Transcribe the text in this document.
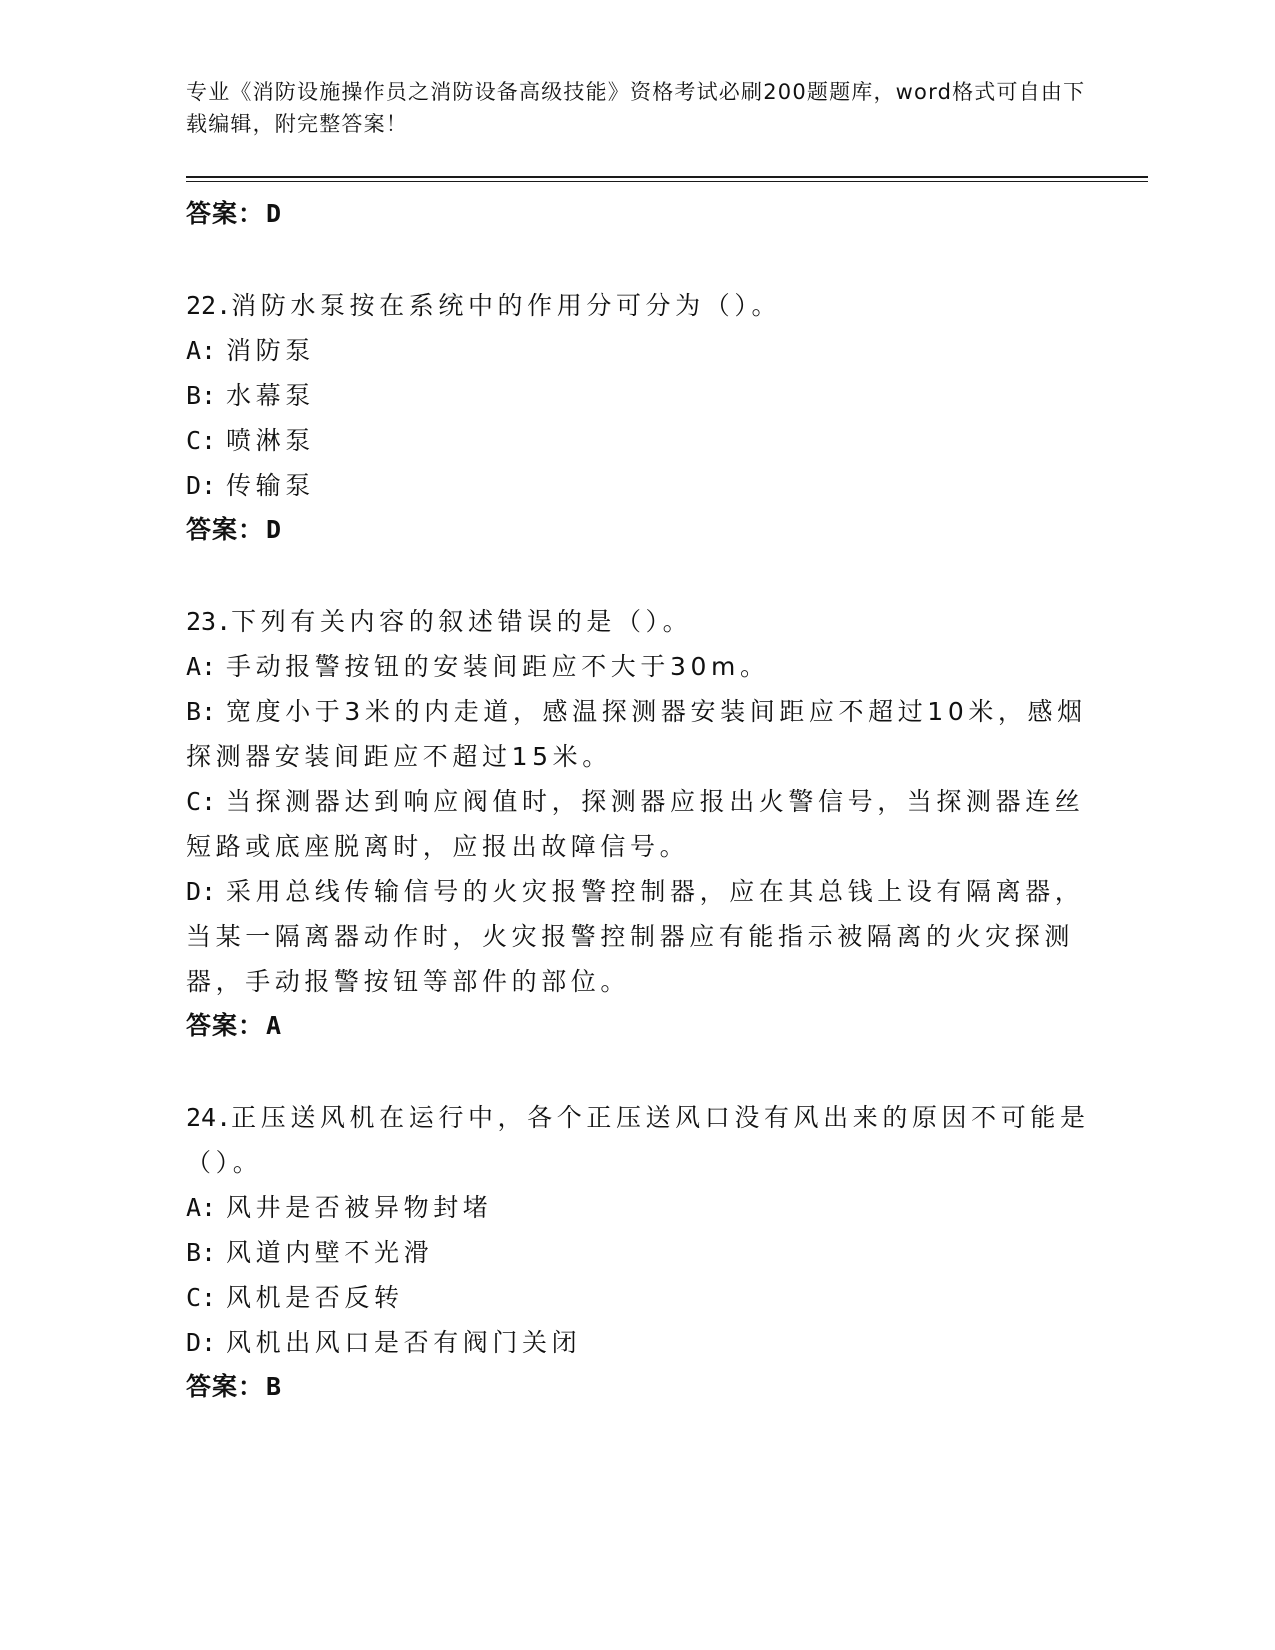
专业《消防设施操作员之消防设备高级技能》资格考试必刷200题题库，word格式可自由下载编辑，附完整答案！
答案：D
22.消防水泵按在系统中的作用分可分为（）。
A: 消防泵
B: 水幕泵
C: 喷淋泵
D: 传输泵
答案：D
23.下列有关内容的叙述错误的是（）。
A: 手动报警按钮的安装间距应不大于30m。
B: 宽度小于3米的内走道，感温探测器安装间距应不超过10米，感烟探测器安装间距应不超过15米。
C: 当探测器达到响应阀值时，探测器应报出火警信号，当探测器连丝短路或底座脱离时，应报出故障信号。
D: 采用总线传输信号的火灾报警控制器，应在其总钱上设有隔离器，当某一隔离器动作时，火灾报警控制器应有能指示被隔离的火灾探测器，手动报警按钮等部件的部位。
答案：A
24.正压送风机在运行中，各个正压送风口没有风出来的原因不可能是（）。
A: 风井是否被异物封堵
B: 风道内壁不光滑
C: 风机是否反转
D: 风机出风口是否有阀门关闭
答案：B
